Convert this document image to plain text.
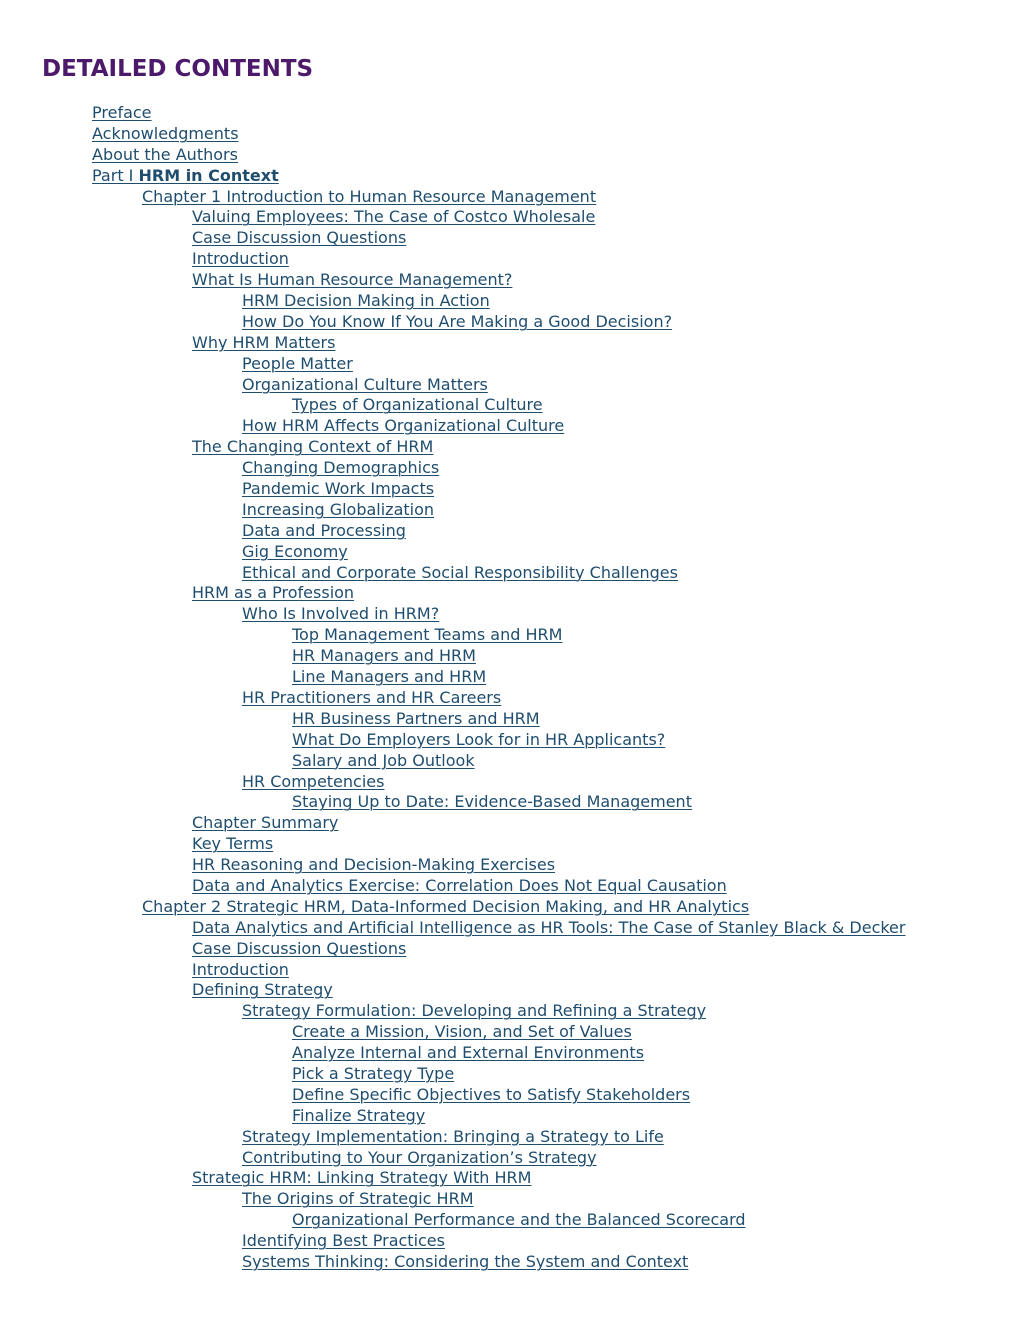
DETAILED CONTENTS
Preface
Acknowledgments
About the Authors
Part I HRM in Context
Chapter 1 Introduction to Human Resource Management
Valuing Employees: The Case of Costco Wholesale
Case Discussion Questions
Introduction
What Is Human Resource Management?
HRM Decision Making in Action
How Do You Know If You Are Making a Good Decision?
Why HRM Matters
People Matter
Organizational Culture Matters
Types of Organizational Culture
How HRM Affects Organizational Culture
The Changing Context of HRM
Changing Demographics
Pandemic Work Impacts
Increasing Globalization
Data and Processing
Gig Economy
Ethical and Corporate Social Responsibility Challenges
HRM as a Profession
Who Is Involved in HRM?
Top Management Teams and HRM
HR Managers and HRM
Line Managers and HRM
HR Practitioners and HR Careers
HR Business Partners and HRM
What Do Employers Look for in HR Applicants?
Salary and Job Outlook
HR Competencies
Staying Up to Date: Evidence-Based Management
Chapter Summary
Key Terms
HR Reasoning and Decision-Making Exercises
Data and Analytics Exercise: Correlation Does Not Equal Causation
Chapter 2 Strategic HRM, Data-Informed Decision Making, and HR Analytics
Data Analytics and Artificial Intelligence as HR Tools: The Case of Stanley Black & Decker
Case Discussion Questions
Introduction
Defining Strategy
Strategy Formulation: Developing and Refining a Strategy
Create a Mission, Vision, and Set of Values
Analyze Internal and External Environments
Pick a Strategy Type
Define Specific Objectives to Satisfy Stakeholders
Finalize Strategy
Strategy Implementation: Bringing a Strategy to Life
Contributing to Your Organization’s Strategy
Strategic HRM: Linking Strategy With HRM
The Origins of Strategic HRM
Organizational Performance and the Balanced Scorecard
Identifying Best Practices
Systems Thinking: Considering the System and Context
